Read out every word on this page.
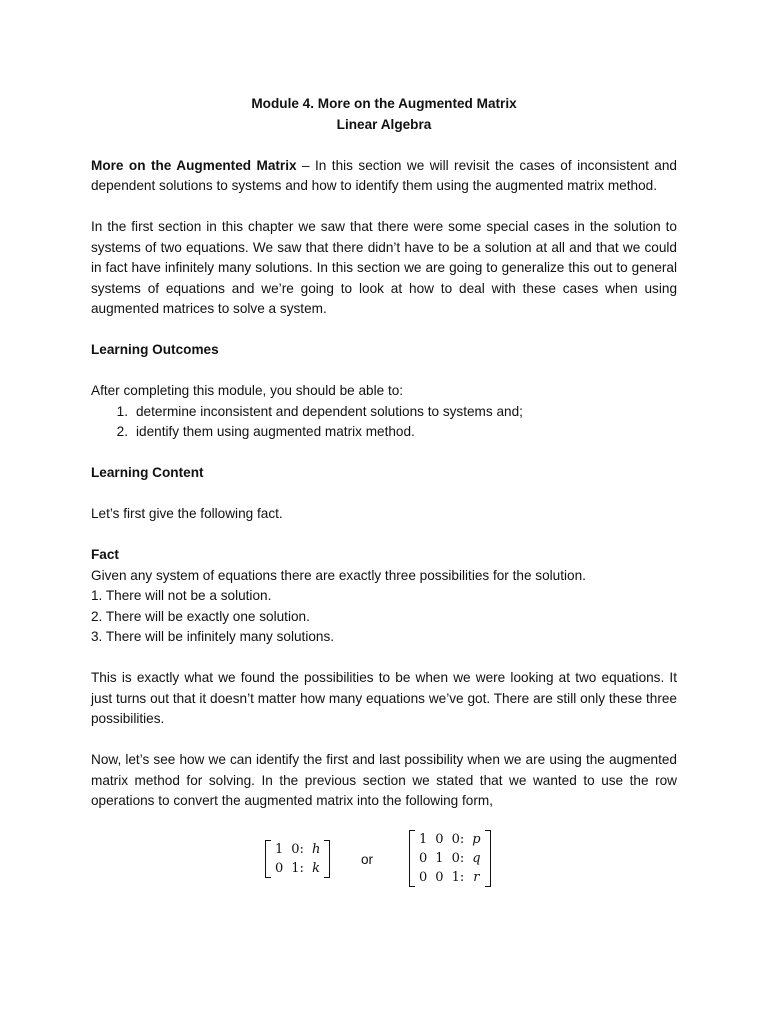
Module 4. More on the Augmented Matrix

Linear Algebra

More on the Augmented Matrix – In this section we will revisit the cases of inconsistent and dependent solutions to systems and how to identify them using the augmented matrix method.

In the first section in this chapter we saw that there were some special cases in the solution to systems of two equations. We saw that there didn’t have to be a solution at all and that we could in fact have infinitely many solutions. In this section we are going to generalize this out to general systems of equations and we’re going to look at how to deal with these cases when using augmented matrices to solve a system.

Learning Outcomes

After completing this module, you should be able to:

1. determine inconsistent and dependent solutions to systems and;
2. identify them using augmented matrix method.

Learning Content

Let’s first give the following fact.

Fact

Given any system of equations there are exactly three possibilities for the solution.

1. There will not be a solution.

2. There will be exactly one solution.

3. There will be infinitely many solutions.

This is exactly what we found the possibilities to be when we were looking at two equations. It just turns out that it doesn’t matter how many equations we’ve got. There are still only these three possibilities.

Now, let’s see how we can identify the first and last possibility when we are using the augmented matrix method for solving. In the previous section we stated that we wanted to use the row operations to convert the augmented matrix into the following form,

1 0: h
0 1: k
or
1 0 0: p
0 1 0: q
0 0 1: r
